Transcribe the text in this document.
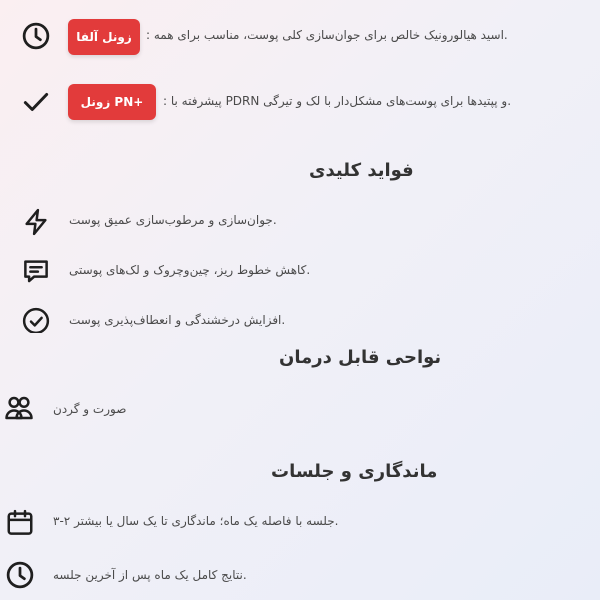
.اسید هیالورونیک خالص برای جوان‌سازی کلی پوست، مناسب برای همه :
زونل آلفا
.و پپتیدها برای پوست‌های مشکل‌دار با لک و تیرگی PDRN پیشرفته با :
+PN زونل
فواید کلیدی
.جوان‌سازی و مرطوب‌سازی عمیق پوست
.کاهش خطوط ریز، چین‌وچروک و لک‌های پوستی
.افزایش درخشندگی و انعطاف‌پذیری پوست
نواحی قابل درمان
صورت و گردن
ماندگاری و جلسات
.جلسه با فاصله یک ماه؛ ماندگاری تا یک سال یا بیشتر ۲-۳
.نتایج کامل یک ماه پس از آخرین جلسه
